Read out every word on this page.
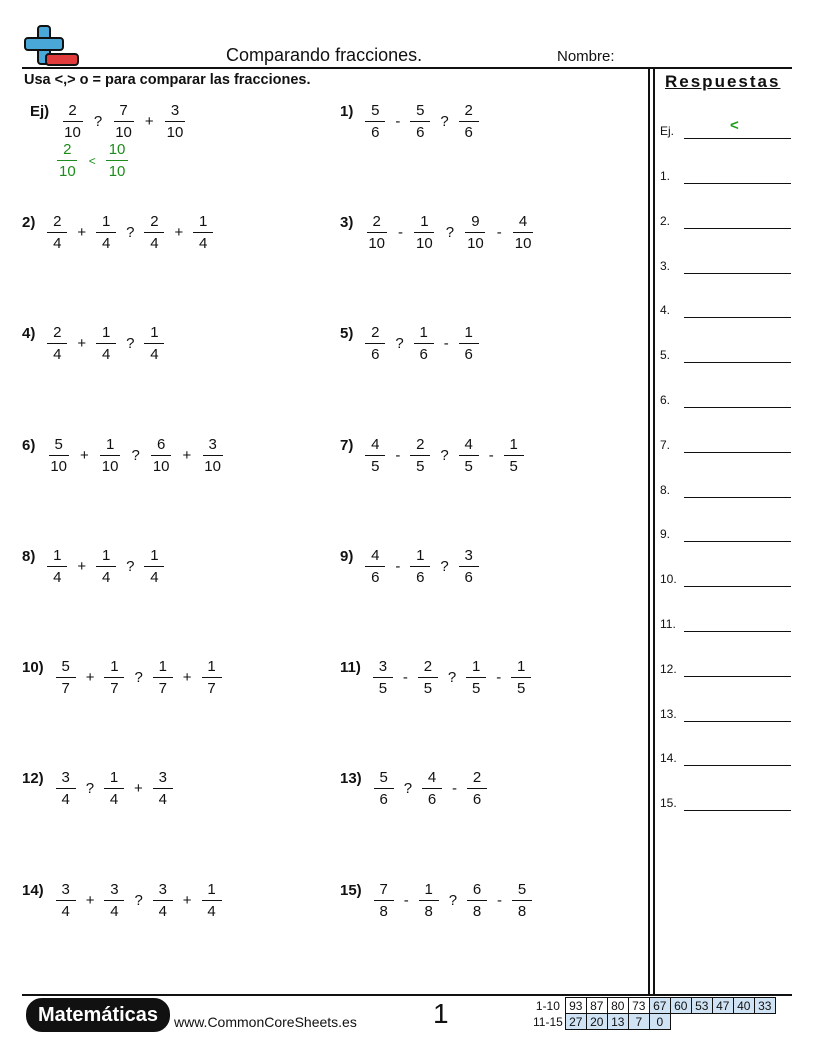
Comparando fracciones.	Nombre:
Usa <,> o = para comparar las fracciones.	Respuestas
$Ej) \frac{2}{10}$ ? $\frac{7}{10} + \frac{3}{10}$
$\frac{2}{10} < \frac{10}{10}$
$1) \frac{5}{6} - \frac{5}{6}$ ? $\frac{2}{6}$
$2) \frac{2}{4} + \frac{1}{4}$ ? $\frac{2}{4} + \frac{1}{4}$	$3) \frac{2}{10} - \frac{1}{10}$ ? $\frac{9}{10} - \frac{4}{10}$
$4) \frac{2}{4} + \frac{1}{4}$ ? $\frac{1}{4}$	$5) \frac{2}{6}$ ? $\frac{1}{6} - \frac{1}{6}$
$6) \frac{5}{10} + \frac{1}{10}$ ? $\frac{6}{10} + \frac{3}{10}$	$7) \frac{4}{5} - \frac{2}{5}$ ? $\frac{4}{5} - \frac{1}{5}$
$8) \frac{1}{4} + \frac{1}{4}$ ? $\frac{1}{4}$	$9) \frac{4}{6} - \frac{1}{6}$ ? $\frac{3}{6}$
$10) \frac{5}{7} + \frac{1}{7}$ ? $\frac{1}{7} + \frac{1}{7}$	$11) \frac{3}{5} - \frac{2}{5}$ ? $\frac{1}{5} - \frac{1}{5}$
$12) \frac{3}{4}$ ? $\frac{1}{4} + \frac{3}{4}$	$13) \frac{5}{6}$ ? $\frac{4}{6} - \frac{2}{6}$
$14) \frac{3}{4} + \frac{3}{4}$ ? $\frac{3}{4} + \frac{1}{4}$	$15) \frac{7}{8} - \frac{1}{8}$ ? $\frac{6}{8} - \frac{5}{8}$
Ej.	<
1.
2.
3.
4.
5.
6.
7.
8.
9.
10.
11.
12.
13.
14.
15.
Matemáticas	www.CommonCoreSheets.es	1	1-10	93	87	80	73	67	60	53	47	40	33
11-15	27	20	13	7	0					
